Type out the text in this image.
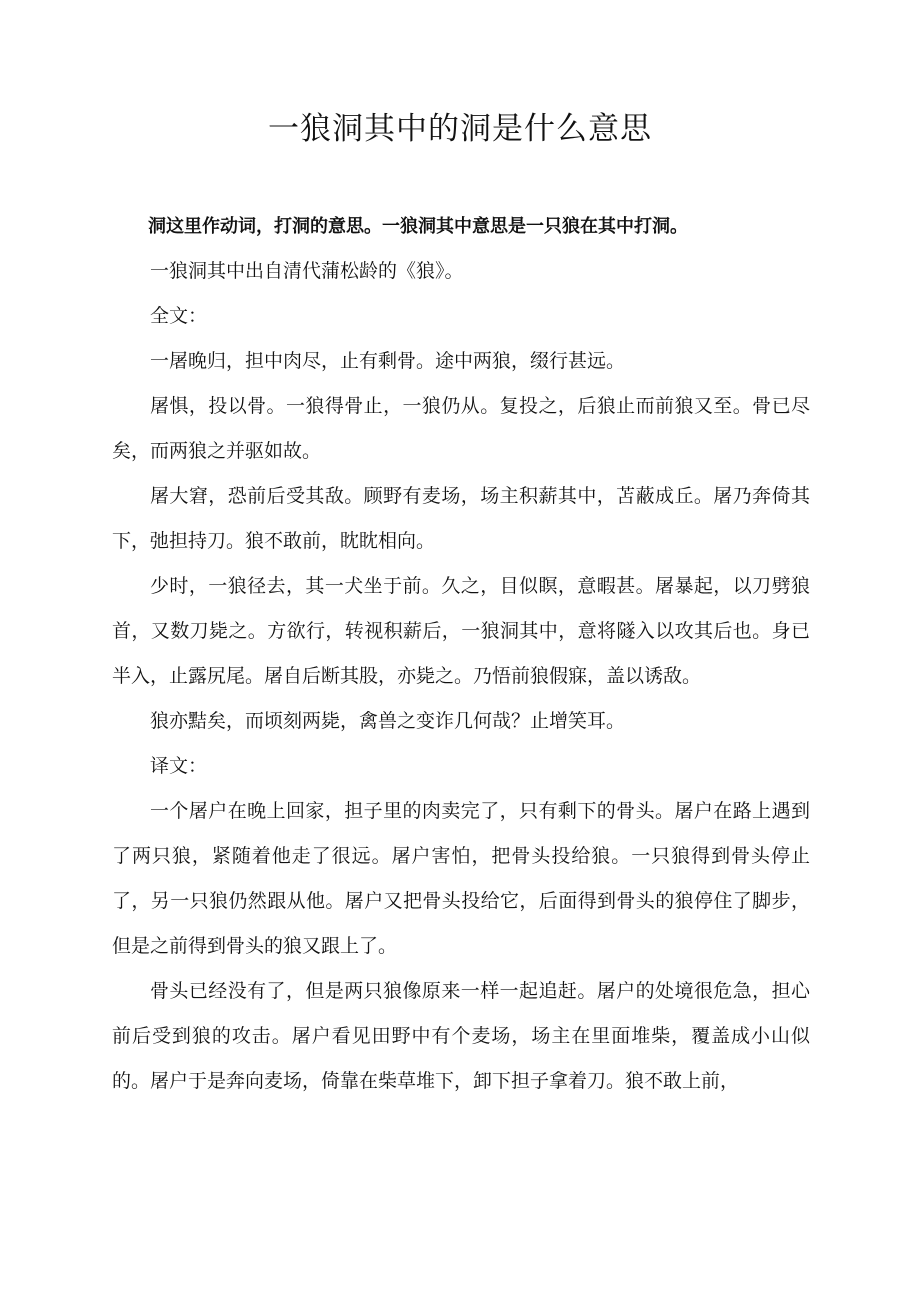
一狼洞其中的洞是什么意思

洞这里作动词，打洞的意思。一狼洞其中意思是一只狼在其中打洞。

一狼洞其中出自清代蒲松龄的《狼》。

全文：

一屠晚归，担中肉尽，止有剩骨。途中两狼，缀行甚远。

屠惧，投以骨。一狼得骨止，一狼仍从。复投之，后狼止而前狼又至。骨已尽矣，而两狼之并驱如故。

屠大窘，恐前后受其敌。顾野有麦场，场主积薪其中，苫蔽成丘。屠乃奔倚其下，弛担持刀。狼不敢前，眈眈相向。

少时，一狼径去，其一犬坐于前。久之，目似瞑，意暇甚。屠暴起，以刀劈狼首，又数刀毙之。方欲行，转视积薪后，一狼洞其中，意将隧入以攻其后也。身已半入，止露尻尾。屠自后断其股，亦毙之。乃悟前狼假寐，盖以诱敌。

狼亦黠矣，而顷刻两毙，禽兽之变诈几何哉？止增笑耳。

译文：

一个屠户在晚上回家，担子里的肉卖完了，只有剩下的骨头。屠户在路上遇到了两只狼，紧随着他走了很远。屠户害怕，把骨头投给狼。一只狼得到骨头停止了，另一只狼仍然跟从他。屠户又把骨头投给它，后面得到骨头的狼停住了脚步，但是之前得到骨头的狼又跟上了。

骨头已经没有了，但是两只狼像原来一样一起追赶。屠户的处境很危急，担心前后受到狼的攻击。屠户看见田野中有个麦场，场主在里面堆柴，覆盖成小山似的。屠户于是奔向麦场，倚靠在柴草堆下，卸下担子拿着刀。狼不敢上前，
